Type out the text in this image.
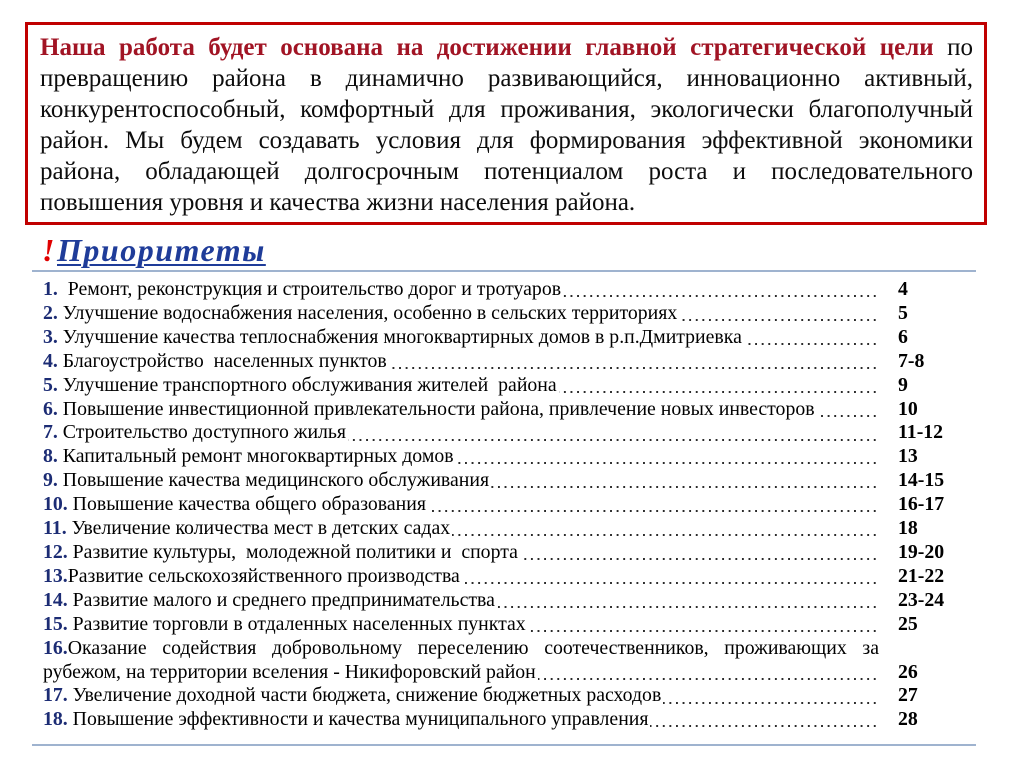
Наша работа будет основана на достижении главной стратегической цели по превращению района в динамично развивающийся, инновационно активный, конкурентоспособный, комфортный для проживания, экологически благополучный район. Мы будем создавать условия для формирования эффективной экономики района, обладающей долгосрочным потенциалом роста и последовательного повышения уровня и качества жизни населения района.
! Приоритеты
1.  Ремонт, реконструкция и строительство дорог и тротуаров	4
2. Улучшение водоснабжения населения, особенно в сельских территориях	5
3. Улучшение качества теплоснабжения многоквартирных домов в р.п.Дмитриевка	6
4. Благоустройство  населенных пунктов	7-8
5. Улучшение транспортного обслуживания жителей  района	9
6. Повышение инвестиционной привлекательности района, привлечение новых инвесторов	10
7. Строительство доступного жилья	11-12
8. Капитальный ремонт многоквартирных домов	13
9. Повышение качества медицинского обслуживания	14-15
10. Повышение качества общего образования	16-17
11. Увеличение количества мест в детских садах	18
12. Развитие культуры,  молодежной политики и  спорта	19-20
13.Развитие сельскохозяйственного производства	21-22
14. Развитие малого и среднего предпринимательства	23-24
15. Развитие торговли в отдаленных населенных пунктах	25
16.Оказание содействия добровольному переселению соотечественников, проживающих за рубежом, на территории вселения - Никифоровский район	26
17. Увеличение доходной части бюджета, снижение бюджетных расходов	27
18. Повышение эффективности и качества муниципального управления	28
